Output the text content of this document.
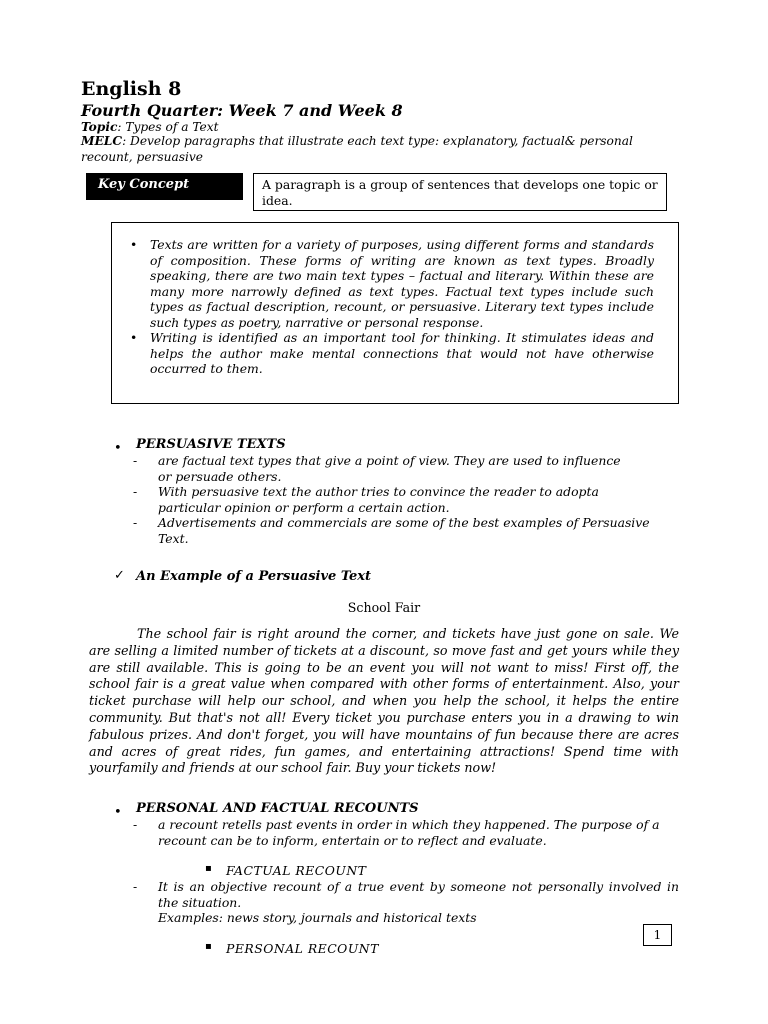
English 8
Fourth Quarter: Week 7 and Week 8
Topic: Types of a Text
MELC: Develop paragraphs that illustrate each text type: explanatory, factual& personal recount, persuasive
Key Concept	A paragraph is a group of sentences that develops one topic or idea.
• Texts are written for a variety of purposes, using different forms and standards of composition. These forms of writing are known as text types. Broadly speaking, there are two main text types – factual and literary. Within these are many more narrowly defined as text types. Factual text types include such types as factual description, recount, or persuasive. Literary text types include such types as poetry, narrative or personal response.
• Writing is identified as an important tool for thinking. It stimulates ideas and helps the author make mental connections that would not have otherwise occurred to them.
• PERSUASIVE TEXTS
- are factual text types that give a point of view. They are used to influence or persuade others.
- With persuasive text the author tries to convince the reader to adopta particular opinion or perform a certain action.
- Advertisements and commercials are some of the best examples of Persuasive Text.
✓ An Example of a Persuasive Text
School Fair
The school fair is right around the corner, and tickets have just gone on sale. We are selling a limited number of tickets at a discount, so move fast and get yours while they are still available. This is going to be an event you will not want to miss! First off, the school fair is a great value when compared with other forms of entertainment. Also, your ticket purchase will help our school, and when you help the school, it helps the entire community. But that's not all! Every ticket you purchase enters you in a drawing to win fabulous prizes. And don't forget, you will have mountains of fun because there are acres and acres of great rides, fun games, and entertaining attractions! Spend time with yourfamily and friends at our school fair. Buy your tickets now!
• PERSONAL AND FACTUAL RECOUNTS
- a recount retells past events in order in which they happened. The purpose of a recount can be to inform, entertain or to reflect and evaluate.
▪ FACTUAL RECOUNT
- It is an objective recount of a true event by someone not personally involved in the situation.
Examples: news story, journals and historical texts
▪ PERSONAL RECOUNT
1
